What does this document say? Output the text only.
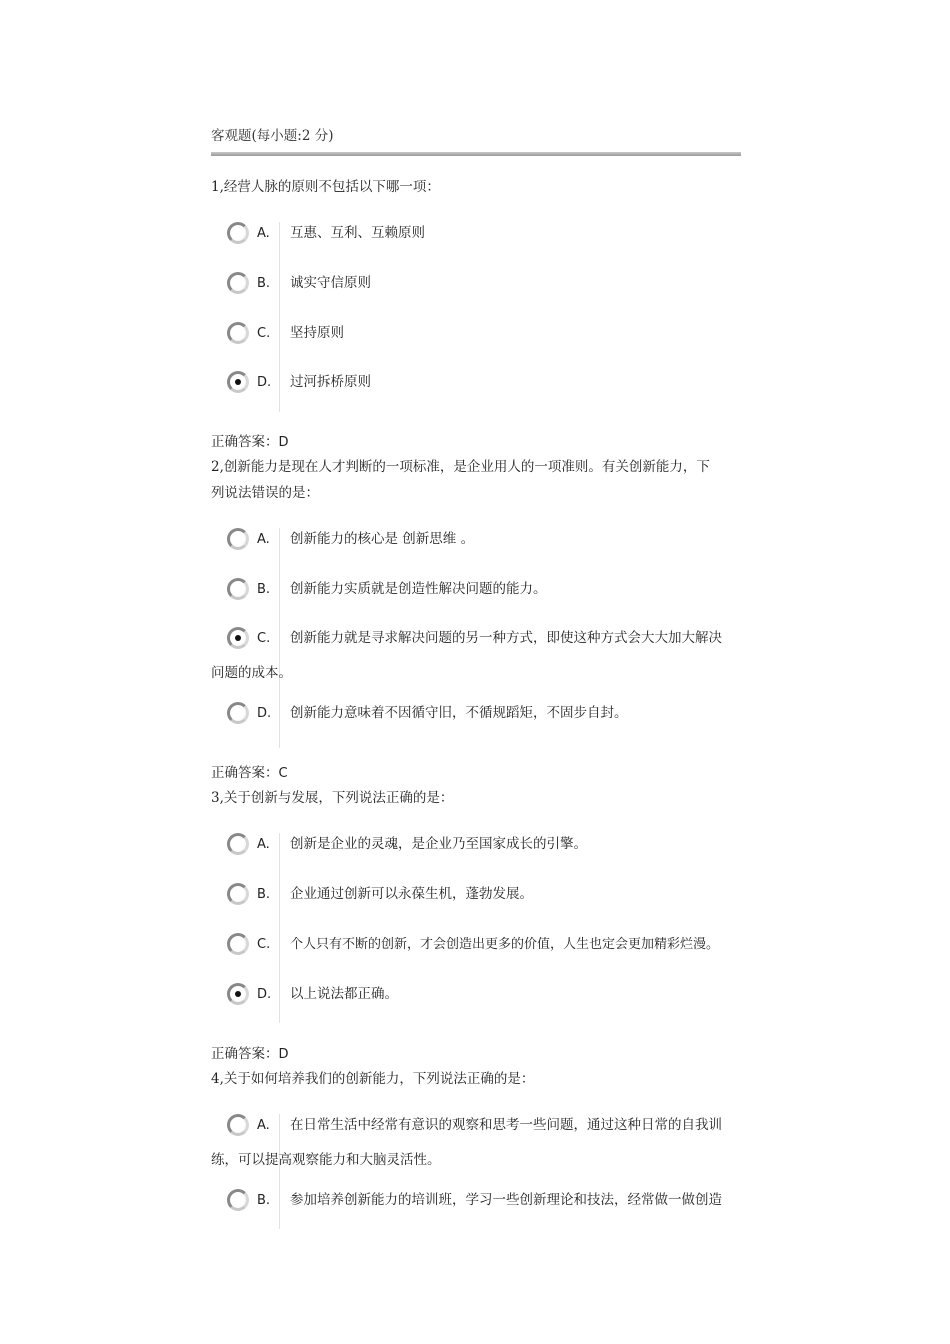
客观题(每小题:2 分)
1,经营人脉的原则不包括以下哪一项：
A. 互惠、互利、互赖原则
B. 诚实守信原则
C. 坚持原则
D. 过河拆桥原则
正确答案：D
2,创新能力是现在人才判断的一项标准，是企业用人的一项准则。有关创新能力，下
列说法错误的是：
A. 创新能力的核心是 创新思维 。
B. 创新能力实质就是创造性解决问题的能力。
C. 创新能力就是寻求解决问题的另一种方式，即使这种方式会大大加大解决
问题的成本。
D. 创新能力意味着不因循守旧，不循规蹈矩，不固步自封。
正确答案：C
3,关于创新与发展，下列说法正确的是：
A. 创新是企业的灵魂，是企业乃至国家成长的引擎。
B. 企业通过创新可以永葆生机，蓬勃发展。
C. 个人只有不断的创新，才会创造出更多的价值，人生也定会更加精彩烂漫。
D. 以上说法都正确。
正确答案：D
4,关于如何培养我们的创新能力，下列说法正确的是：
A. 在日常生活中经常有意识的观察和思考一些问题，通过这种日常的自我训
练，可以提高观察能力和大脑灵活性。
B. 参加培养创新能力的培训班，学习一些创新理论和技法，经常做一做创造
